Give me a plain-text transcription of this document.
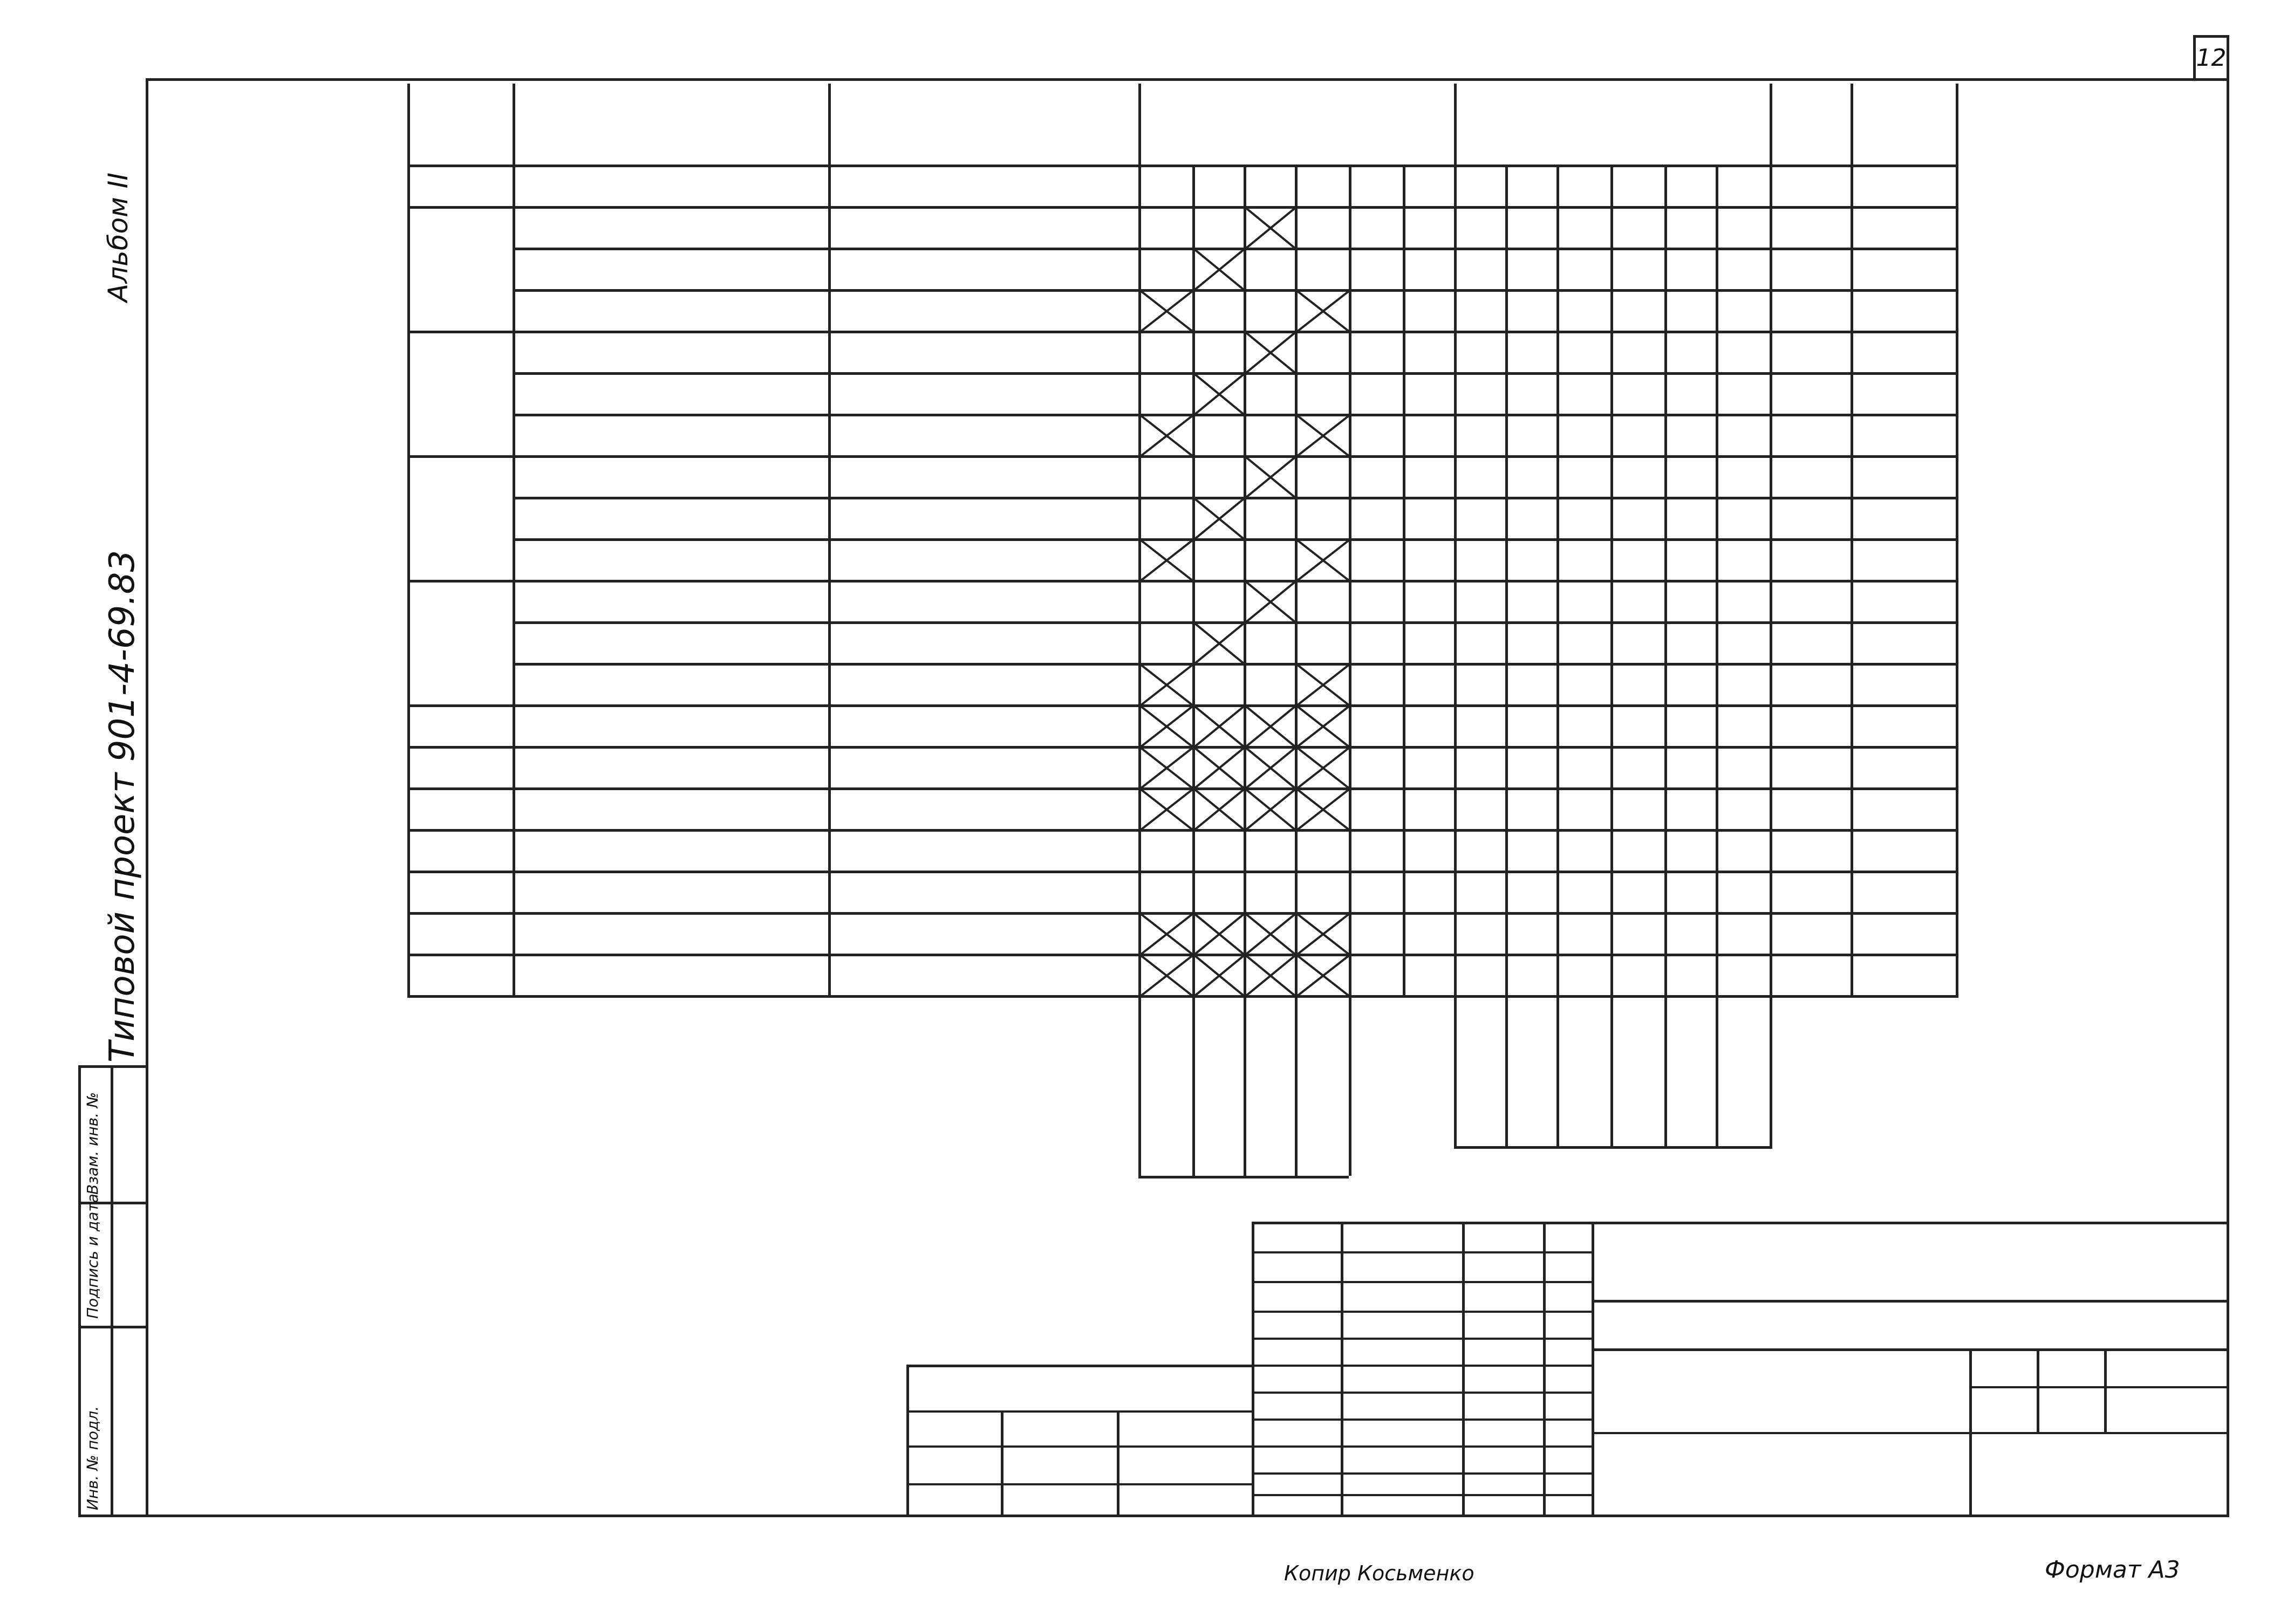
12
Альбом II
Типовой проект 901-4-69.83
Взам. инв. №
Подпись и дата
Инв. № подл.
Копир Косьменко	Формат А3
